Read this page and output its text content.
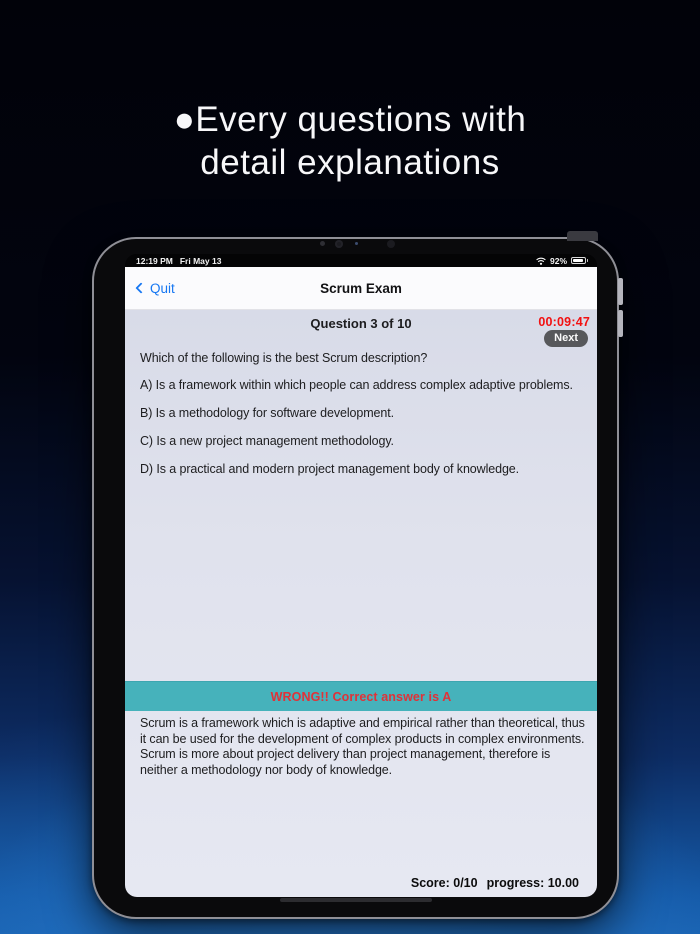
●Every questions with
detail explanations
12:19 PM Fri May 13	92%
Quit	Scrum Exam
Question 3 of 10	00:09:47
Next
Which of the following is the best Scrum description?
A) Is a framework within which people can address complex adaptive problems.
B) Is a methodology for software development.
C) Is a new project management methodology.
D) Is a practical and modern project management body of knowledge.
WRONG!! Correct answer is A
Scrum is a framework which is adaptive and empirical rather than theoretical, thus it can be used for the development of complex products in complex environments. Scrum is more about project delivery than project management, therefore is neither a methodology nor body of knowledge.
Score: 0/10 progress: 10.00
